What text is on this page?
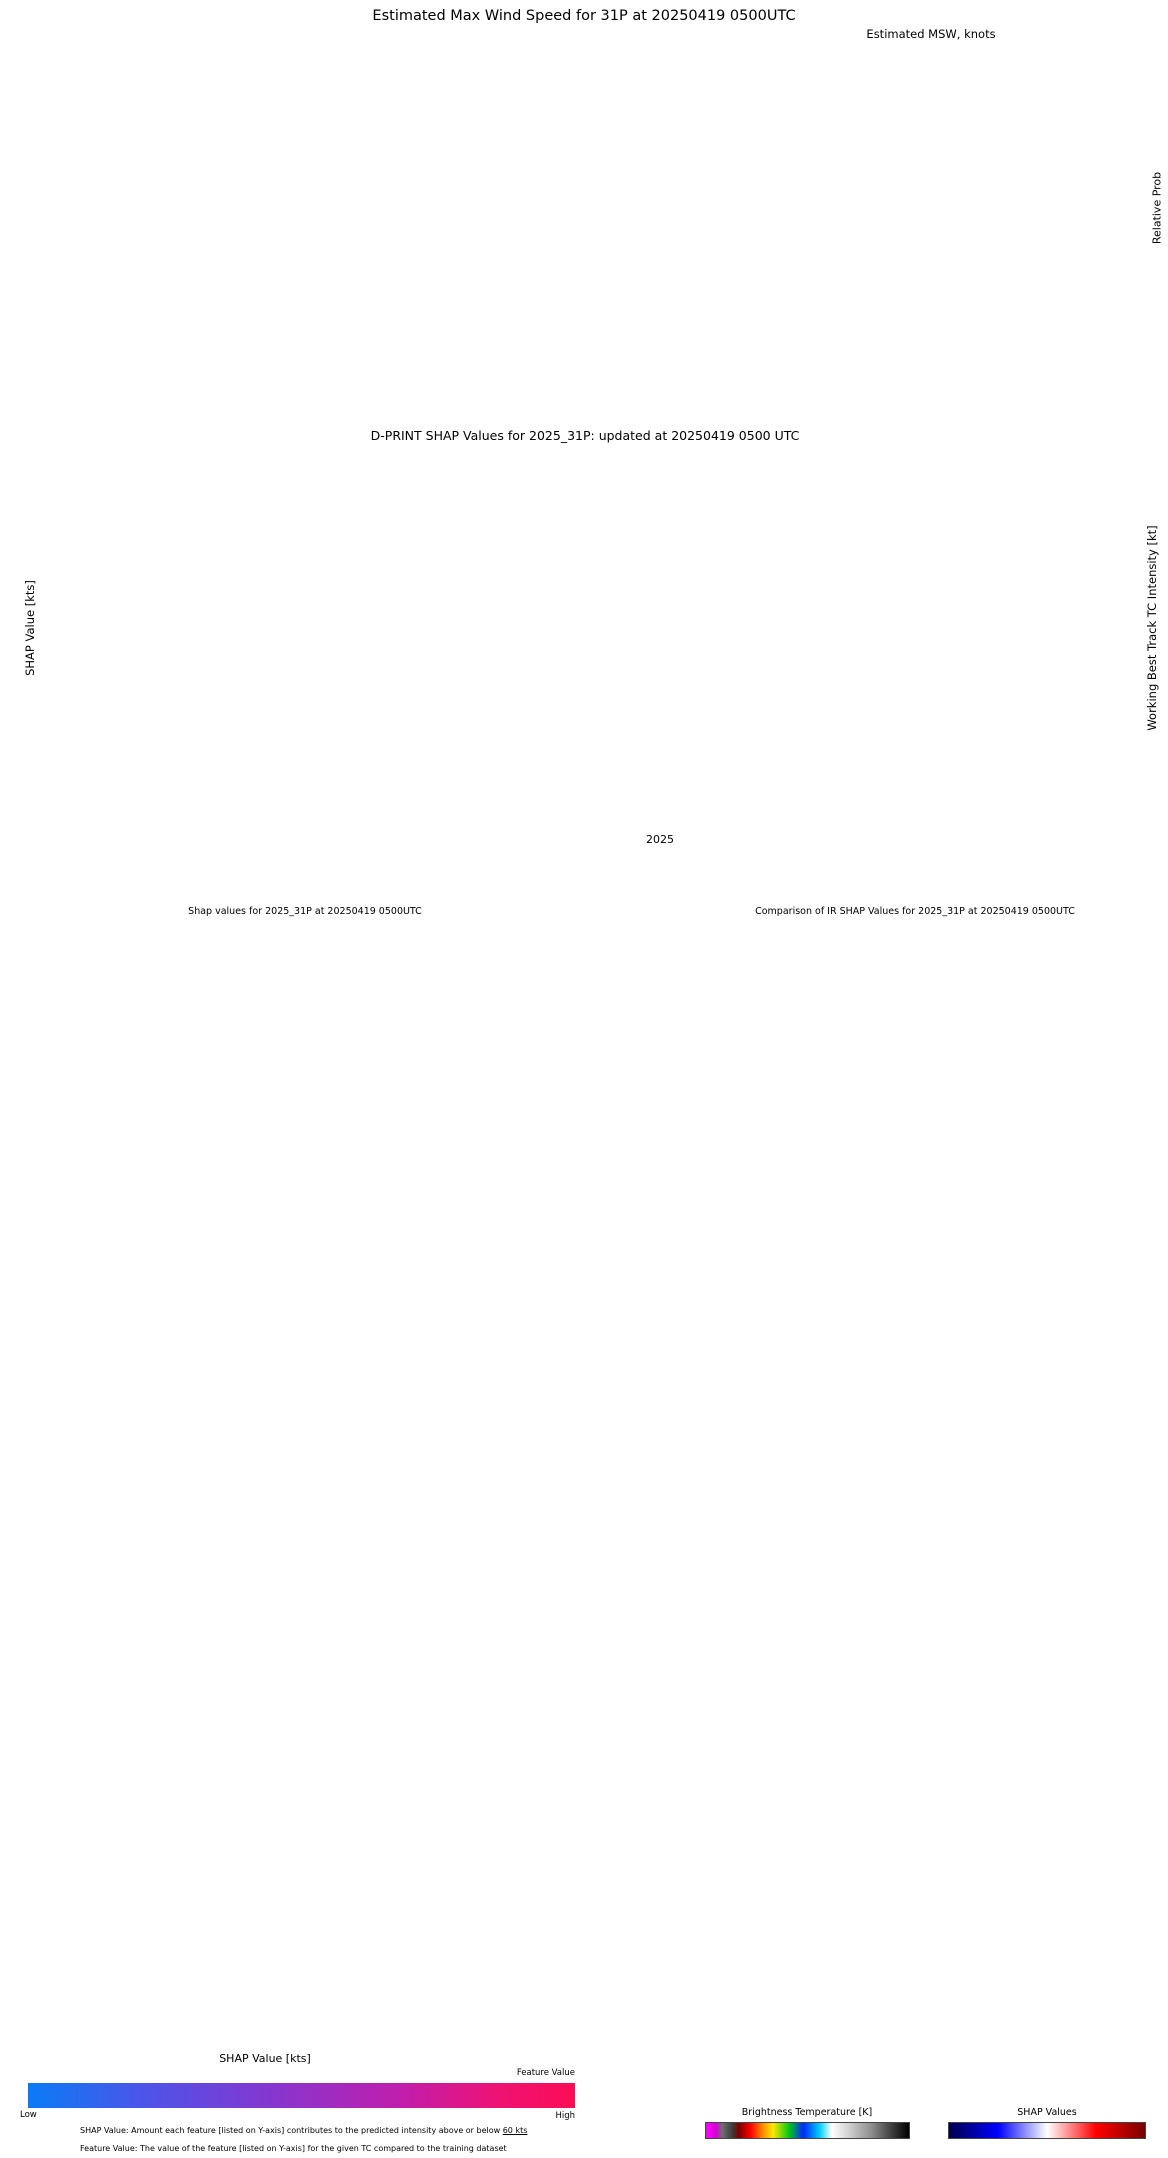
Estimated Max Wind Speed for 31P at 20250419 0500UTC
Estimated MSW, knots
Relative Prob
D-PRINT SHAP Values for 2025_31P: updated at 20250419 0500 UTC
SHAP Value [kts]	Working Best Track TC Intensity [kt]
2025
Shap values for 2025_31P at 20250419 0500UTC	Comparison of IR SHAP Values for 2025_31P at 20250419 0500UTC
SHAP Value [kts]
Feature Value
Low	High
SHAP Value: Amount each feature [listed on Y-axis] contributes to the predicted intensity above or below 60 kts
Feature Value: The value of the feature [listed on Y-axis] for the given TC compared to the training dataset
Brightness Temperature [K]	SHAP Values
